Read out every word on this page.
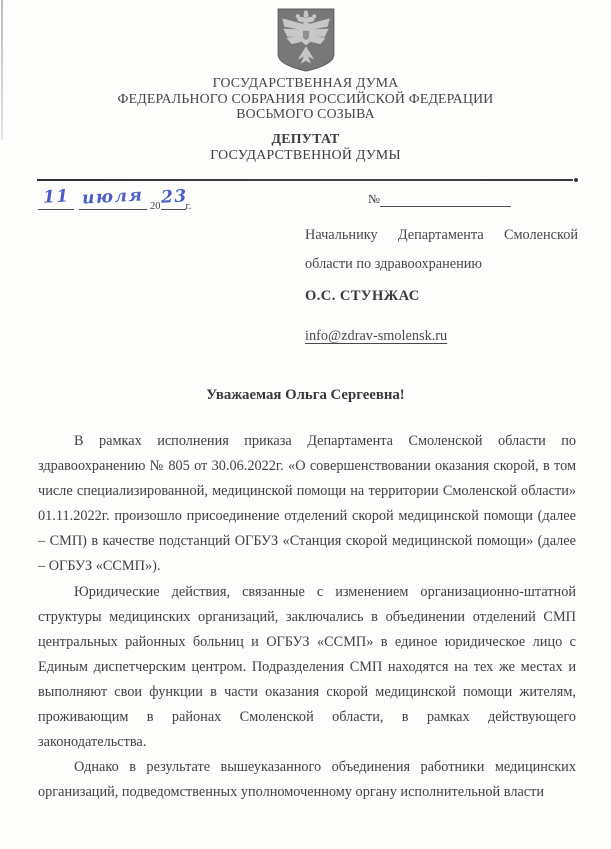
ГОСУДАРСТВЕННАЯ ДУМА
ФЕДЕРАЛЬНОГО СОБРАНИЯ РОССИЙСКОЙ ФЕДЕРАЦИИ
ВОСЬМОГО СОЗЫВА
ДЕПУТАТ
ГОСУДАРСТВЕННОЙ ДУМЫ
11 июля $_{20}23_{г.}$
№
Начальнику Департамента Смоленской области по здравоохранению
О.С. СТУНЖАС
info@zdrav-smolensk.ru
Уважаемая Ольга Сергеевна!

В рамках исполнения приказа Департамента Смоленской области по здравоохранению № 805 от 30.06.2022г. «О совершенствовании оказания скорой, в том числе специализированной, медицинской помощи на территории Смоленской области» 01.11.2022г. произошло присоединение отделений скорой медицинской помощи (далее – СМП) в качестве подстанций ОГБУЗ «Станция скорой медицинской помощи» (далее – ОГБУЗ «ССМП»).

Юридические действия, связанные с изменением организационно-штатной структуры медицинских организаций, заключались в объединении отделений СМП центральных районных больниц и ОГБУЗ «ССМП» в единое юридическое лицо с Единым диспетчерским центром. Подразделения СМП находятся на тех же местах и выполняют свои функции в части оказания скорой медицинской помощи жителям, проживающим в районах Смоленской области, в рамках действующего законодательства.

Однако в результате вышеуказанного объединения работники медицинских организаций, подведомственных уполномоченному органу исполнительной власти
